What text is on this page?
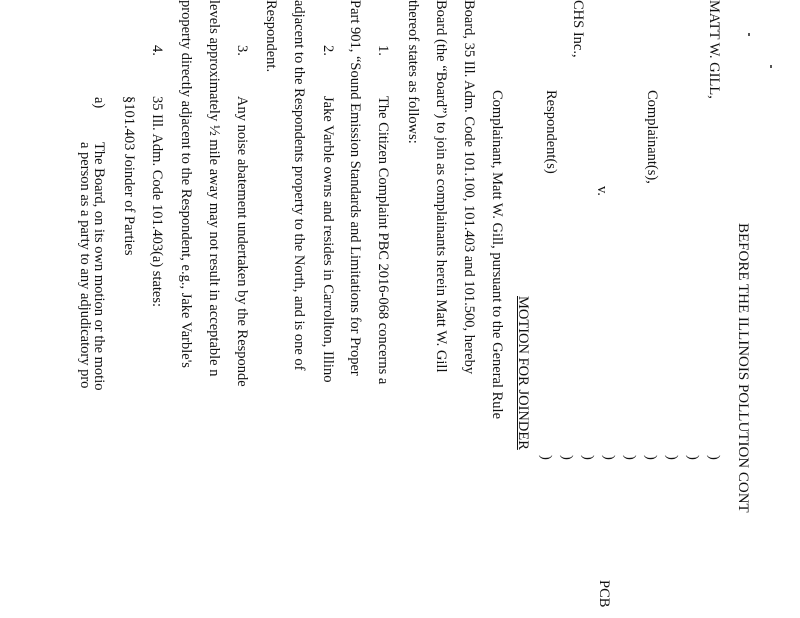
BEFORE THE ILLINOIS POLLUTION CONT
MATT W. GILL,
Complainant(s),
v.
PCB
CHS Inc.,
Respondent(s)
)
)
)
)
)
)
)
)
)
MOTION FOR JOINDER
Complainant, Matt W. Gill, pursuant to the General Rule
Board, 35 Ill. Adm. Code 101.100, 101.403 and 101.500, hereby
Board (the “Board”) to join as complainants herein Matt W. Gill
thereof states as follows:
1.
The Citizen Complaint PBC 2016-068 concerns a
Part 901, “Sound Emission Standards and Limitations for Proper
2.
Jake Varble owns and resides in Carrollton, Illino
adjacent to the Respondents property to the North, and is one of
Respondent.
3.
Any noise abatement undertaken by the Responde
levels approximately ½ mile away may not result in acceptable n
property directly adjacent to the Respondent, e.g., Jake Varble's
4.
35 Ill. Adm. Code 101.403(a) states:
§101.403 Joinder of Parties
a)
The Board, on its own motion or the motio
a person as a party to any adjudicatory pro
